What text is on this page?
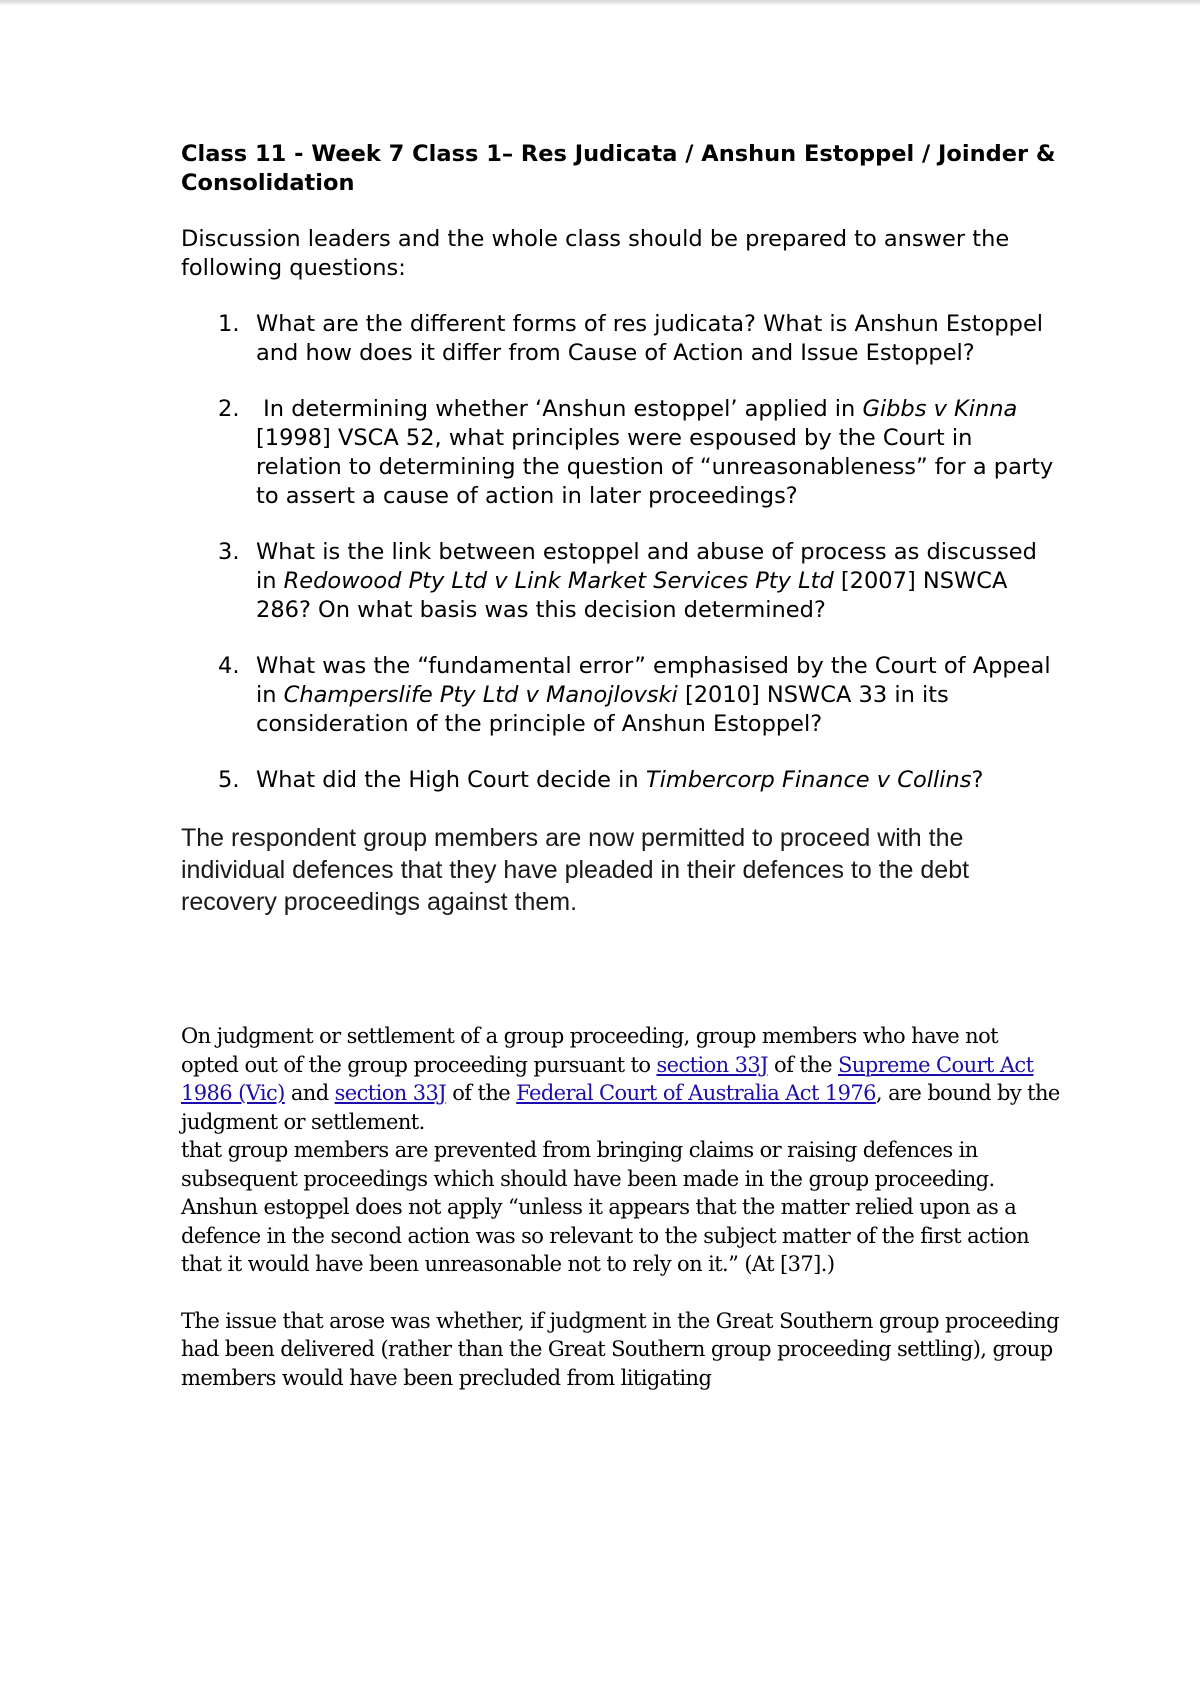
Class 11 - Week 7 Class 1– Res Judicata / Anshun Estoppel / Joinder & Consolidation
Discussion leaders and the whole class should be prepared to answer the following questions:
1. What are the different forms of res judicata? What is Anshun Estoppel and how does it differ from Cause of Action and Issue Estoppel?
2. In determining whether ‘Anshun estoppel’ applied in Gibbs v Kinna [1998] VSCA 52, what principles were espoused by the Court in relation to determining the question of “unreasonableness” for a party to assert a cause of action in later proceedings?
3. What is the link between estoppel and abuse of process as discussed in Redowood Pty Ltd v Link Market Services Pty Ltd [2007] NSWCA 286? On what basis was this decision determined?
4. What was the “fundamental error” emphasised by the Court of Appeal in Champerslife Pty Ltd v Manojlovski [2010] NSWCA 33 in its consideration of the principle of Anshun Estoppel?
5. What did the High Court decide in Timbercorp Finance v Collins?
The respondent group members are now permitted to proceed with the individual defences that they have pleaded in their defences to the debt recovery proceedings against them.

On judgment or settlement of a group proceeding, group members who have not opted out of the group proceeding pursuant to section 33J of the Supreme Court Act 1986 (Vic) and section 33J of the Federal Court of Australia Act 1976, are bound by the judgment or settlement.

that group members are prevented from bringing claims or raising defences in subsequent proceedings which should have been made in the group proceeding. Anshun estoppel does not apply “unless it appears that the matter relied upon as a defence in the second action was so relevant to the subject matter of the first action that it would have been unreasonable not to rely on it.” (At [37].)

The issue that arose was whether, if judgment in the Great Southern group proceeding had been delivered (rather than the Great Southern group proceeding settling), group members would have been precluded from litigating
